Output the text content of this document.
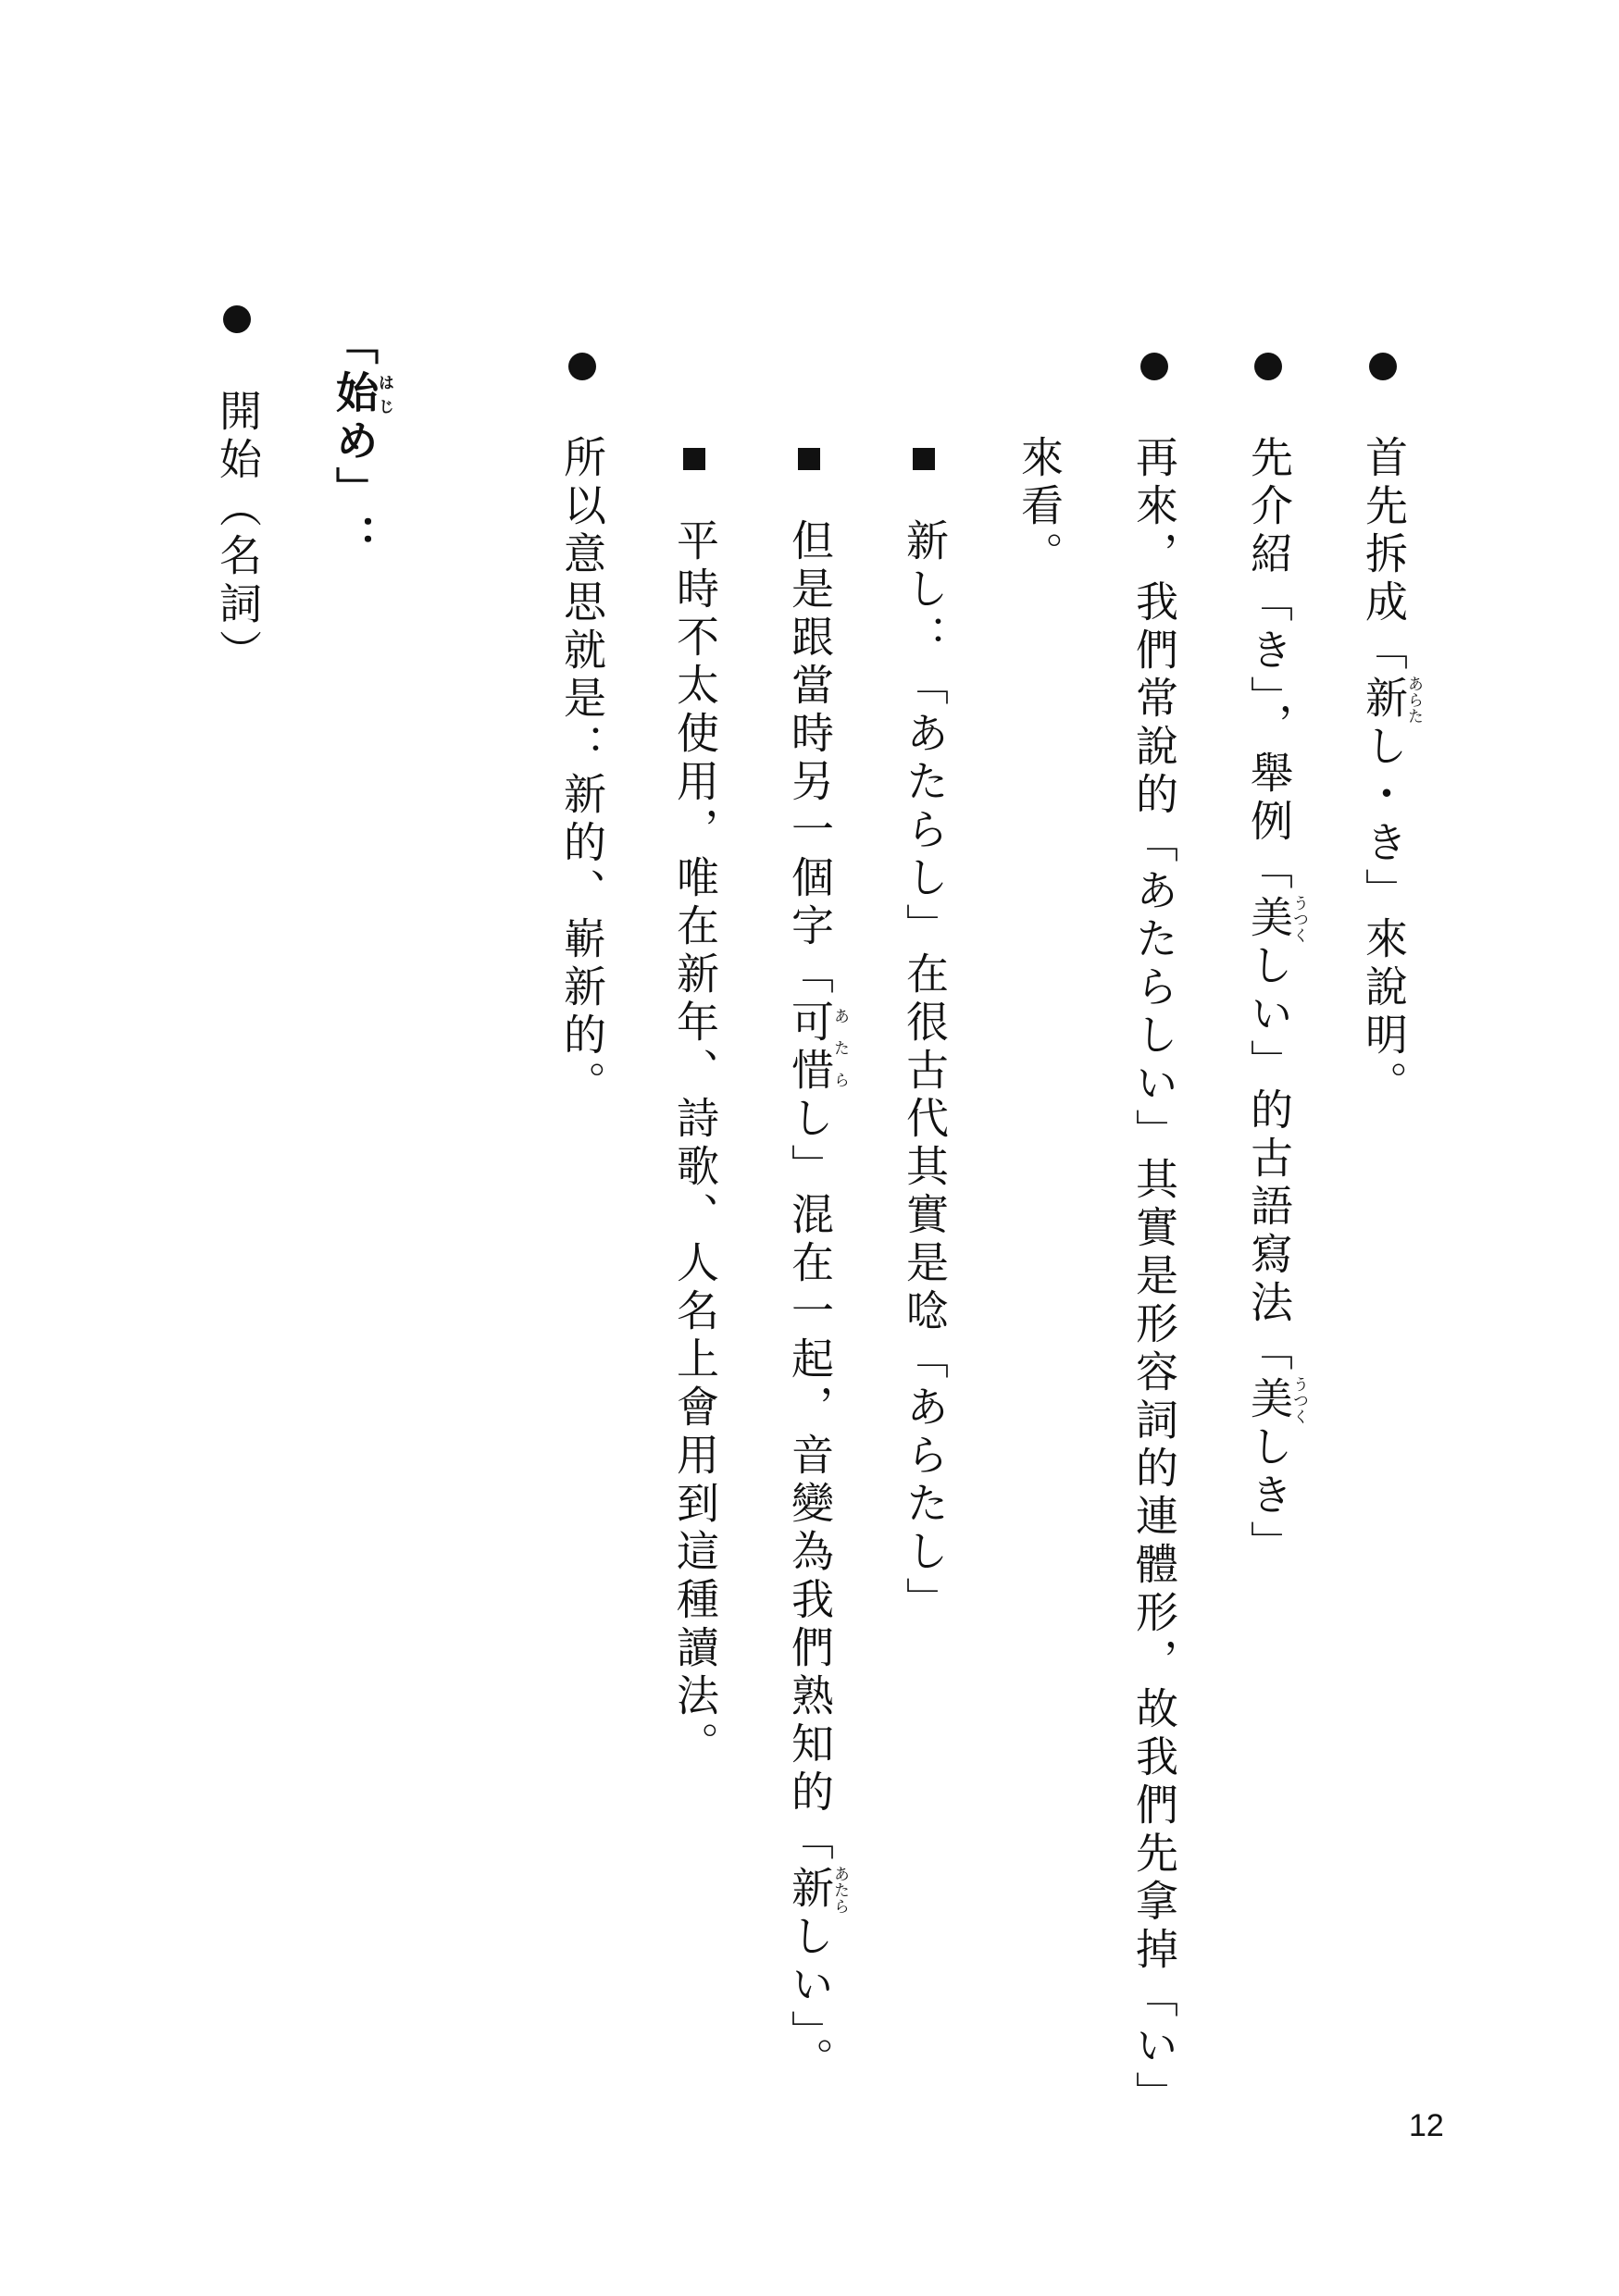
首先拆成「新あらたし・き」來說明。
先介紹「き」，舉例「美うつくしい」的古語寫法「美うつくしき」
再來，我們常說的「あたらしい」其實是形容詞的連體形，故我們先拿掉「い」
來看。
新し：「あたらし」在很古代其實是唸「あらたし」
但是跟當時另一個字「可惜あたらし」混在一起，音變為我們熟知的「新あたらしい」。
平時不太使用，唯在新年、詩歌、人名上會用到這種讀法。
所以意思就是：新的、嶄新的。
「始はじめ」：
開始（名詞）
12
